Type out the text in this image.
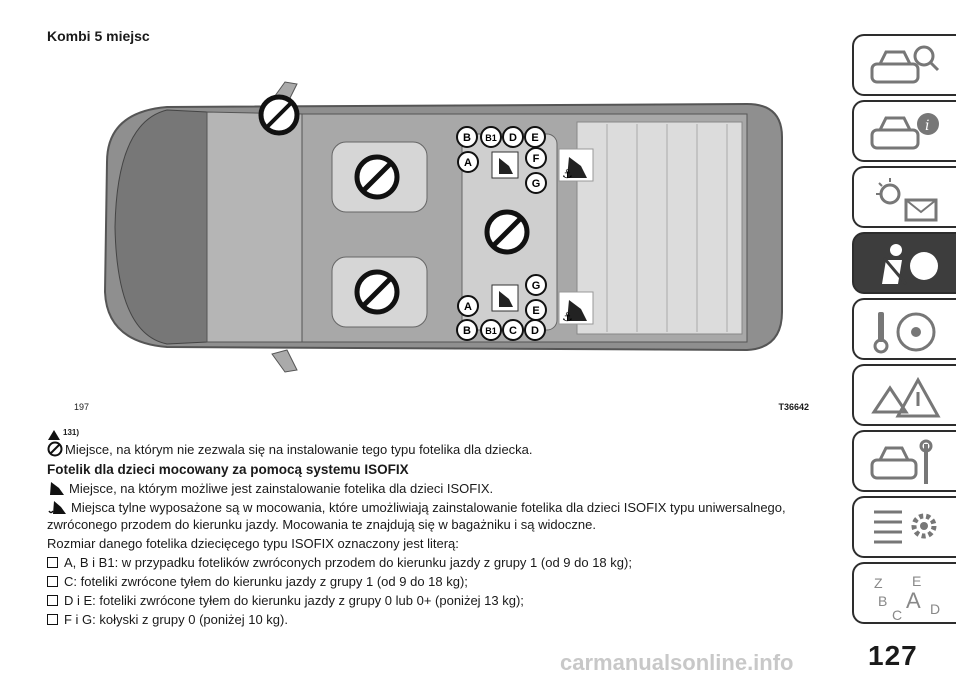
Kombi 5 miejsc
⚓
⚓
B B1 D E
A	F
G
G
A	E
B B1 C D
197	T36642
131)

Miejsce, na którym nie zezwala się na instalowanie tego typu fotelika dla dziecka.

Fotelik dla dzieci mocowany za pomocą systemu ISOFIX

Miejsce, na którym możliwe jest zainstalowanie fotelika dla dzieci ISOFIX.

Miejsca tylne wyposażone są w mocowania, które umożliwiają zainstalowanie fotelika dla dzieci ISOFIX typu uniwersalnego, zwróconego przodem do kierunku jazdy. Mocowania te znajdują się w bagażniku i są widoczne.

Rozmiar danego fotelika dziecięcego typu ISOFIX oznaczony jest literą:

A, B i B1: w przypadku fotelików zwróconych przodem do kierunku jazdy z grupy 1 (od 9 do 18 kg);
C: foteliki zwrócone tyłem do kierunku jazdy z grupy 1 (od 9 do 18 kg);
D i E: foteliki zwrócone tyłem do kierunku jazdy z grupy 0 lub 0+ (poniżej 13 kg);
F i G: kołyski z grupy 0 (poniżej 10 kg).
i
Z E
B A
C D
carmanualsonline.info	127
